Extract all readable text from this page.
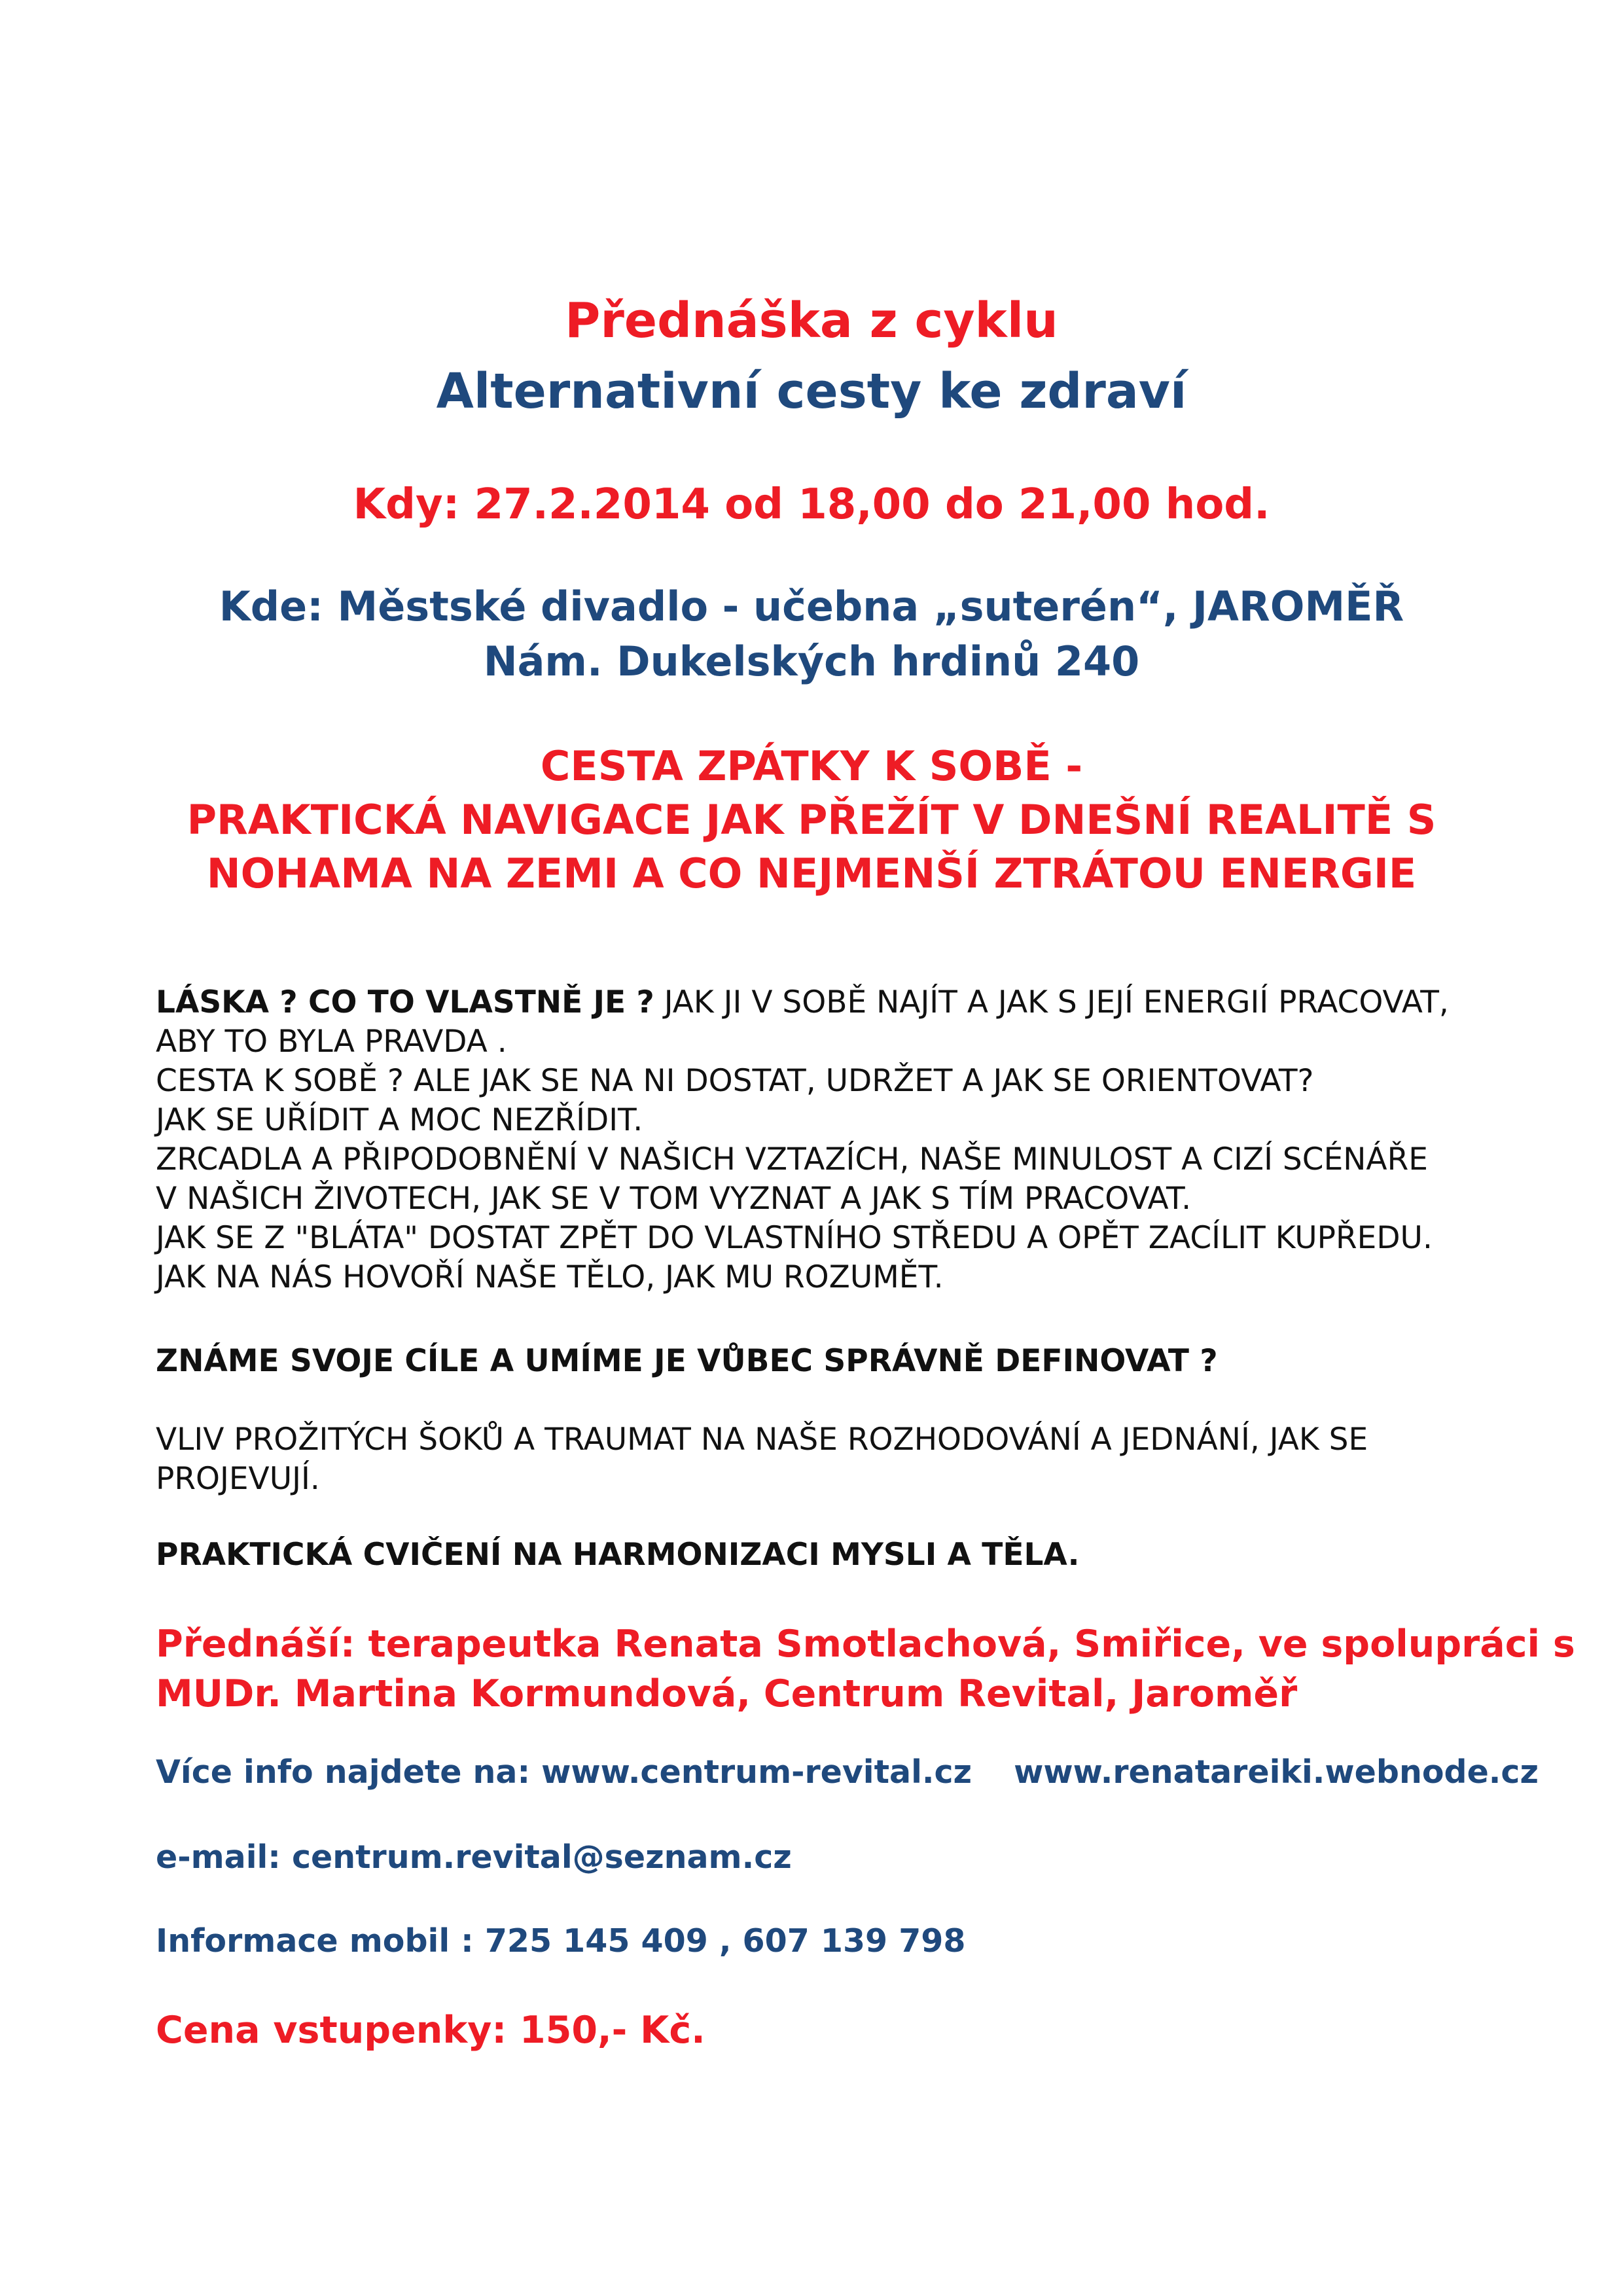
Přednáška z cyklu
Alternativní cesty ke zdraví
Kdy: 27.2.2014 od 18,00 do 21,00 hod.
Kde: Městské divadlo - učebna „suterén“, JAROMĚŘ
Nám. Dukelských hrdinů 240
CESTA ZPÁTKY K SOBĚ -
PRAKTICKÁ NAVIGACE JAK PŘEŽÍT V DNEŠNÍ REALITĚ S
NOHAMA NA ZEMI A CO NEJMENŠÍ ZTRÁTOU ENERGIE
LÁSKA ? CO TO VLASTNĚ JE ? JAK JI V SOBĚ NAJÍT A JAK S JEJÍ ENERGIÍ PRACOVAT,
ABY TO BYLA PRAVDA .
CESTA K SOBĚ ? ALE JAK SE NA NI DOSTAT, UDRŽET A JAK SE ORIENTOVAT?
JAK SE UŘÍDIT A MOC NEZŘÍDIT.
ZRCADLA A PŘIPODOBNĚNÍ V NAŠICH VZTAZÍCH, NAŠE MINULOST A CIZÍ SCÉNÁŘE
V NAŠICH ŽIVOTECH, JAK SE V TOM VYZNAT A JAK S TÍM PRACOVAT.
JAK SE Z "BLÁTA" DOSTAT ZPĚT DO VLASTNÍHO STŘEDU A OPĚT ZACÍLIT KUPŘEDU.
JAK NA NÁS HOVOŘÍ NAŠE TĚLO, JAK MU ROZUMĚT.
ZNÁME SVOJE CÍLE A UMÍME JE VŮBEC SPRÁVNĚ DEFINOVAT ?
VLIV PROŽITÝCH ŠOKŮ A TRAUMAT NA NAŠE ROZHODOVÁNÍ A JEDNÁNÍ, JAK SE
PROJEVUJÍ.
PRAKTICKÁ CVIČENÍ NA HARMONIZACI MYSLI A TĚLA.
Přednáší: terapeutka Renata Smotlachová, Smiřice, ve spolupráci s
MUDr. Martina Kormundová, Centrum Revital, Jaroměř
Více info najdete na: www.centrum-revital.cz www.renatareiki.webnode.cz
e-mail: centrum.revital@seznam.cz
Informace mobil : 725 145 409 , 607 139 798
Cena vstupenky: 150,- Kč.
